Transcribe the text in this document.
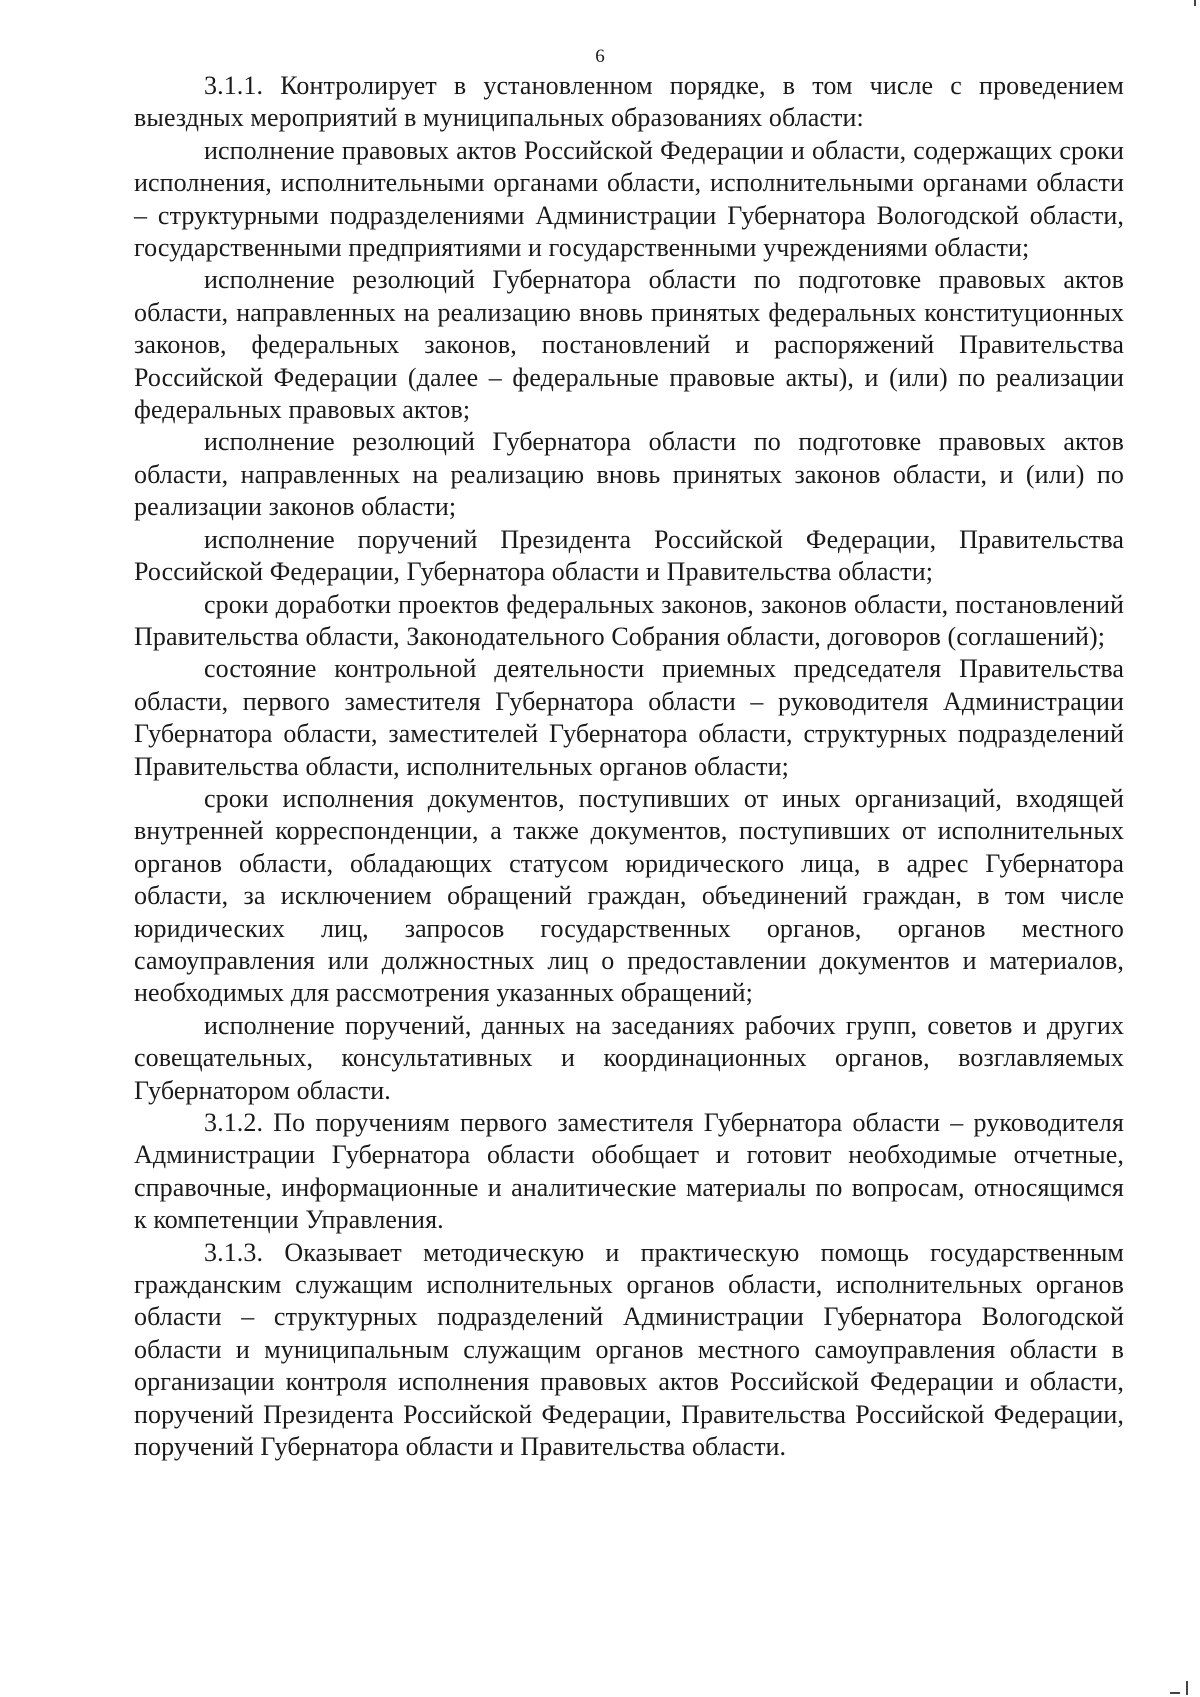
6

3.1.1. Контролирует в установленном порядке, в том числе с проведением выездных мероприятий в муниципальных образованиях области:

исполнение правовых актов Российской Федерации и области, содержащих сроки исполнения, исполнительными органами области, исполнительными органами области – структурными подразделениями Администрации Губернатора Вологодской области, государственными предприятиями и государственными учреждениями области;

исполнение резолюций Губернатора области по подготовке правовых актов области, направленных на реализацию вновь принятых федеральных конституционных законов, федеральных законов, постановлений и распоряжений Правительства Российской Федерации (далее – федеральные правовые акты), и (или) по реализации федеральных правовых актов;

исполнение резолюций Губернатора области по подготовке правовых актов области, направленных на реализацию вновь принятых законов области, и (или) по реализации законов области;

исполнение поручений Президента Российской Федерации, Правительства Российской Федерации, Губернатора области и Правительства области;

сроки доработки проектов федеральных законов, законов области, постановлений Правительства области, Законодательного Собрания области, договоров (соглашений);

состояние контрольной деятельности приемных председателя Правительства области, первого заместителя Губернатора области – руководителя Администрации Губернатора области, заместителей Губернатора области, структурных подразделений Правительства области, исполнительных органов области;

сроки исполнения документов, поступивших от иных организаций, входящей внутренней корреспонденции, а также документов, поступивших от исполнительных органов области, обладающих статусом юридического лица, в адрес Губернатора области, за исключением обращений граждан, объединений граждан, в том числе юридических лиц, запросов государственных органов, органов местного самоуправления или должностных лиц о предоставлении документов и материалов, необходимых для рассмотрения указанных обращений;

исполнение поручений, данных на заседаниях рабочих групп, советов и других совещательных, консультативных и координационных органов, возглавляемых Губернатором области.

3.1.2. По поручениям первого заместителя Губернатора области – руководителя Администрации Губернатора области обобщает и готовит необходимые отчетные, справочные, информационные и аналитические материалы по вопросам, относящимся к компетенции Управления.

3.1.3. Оказывает методическую и практическую помощь государственным гражданским служащим исполнительных органов области, исполнительных органов области – структурных подразделений Администрации Губернатора Вологодской области и муниципальным служащим органов местного самоуправления области в организации контроля исполнения правовых актов Российской Федерации и области, поручений Президента Российской Федерации, Правительства Российской Федерации, поручений Губернатора области и Правительства области.
